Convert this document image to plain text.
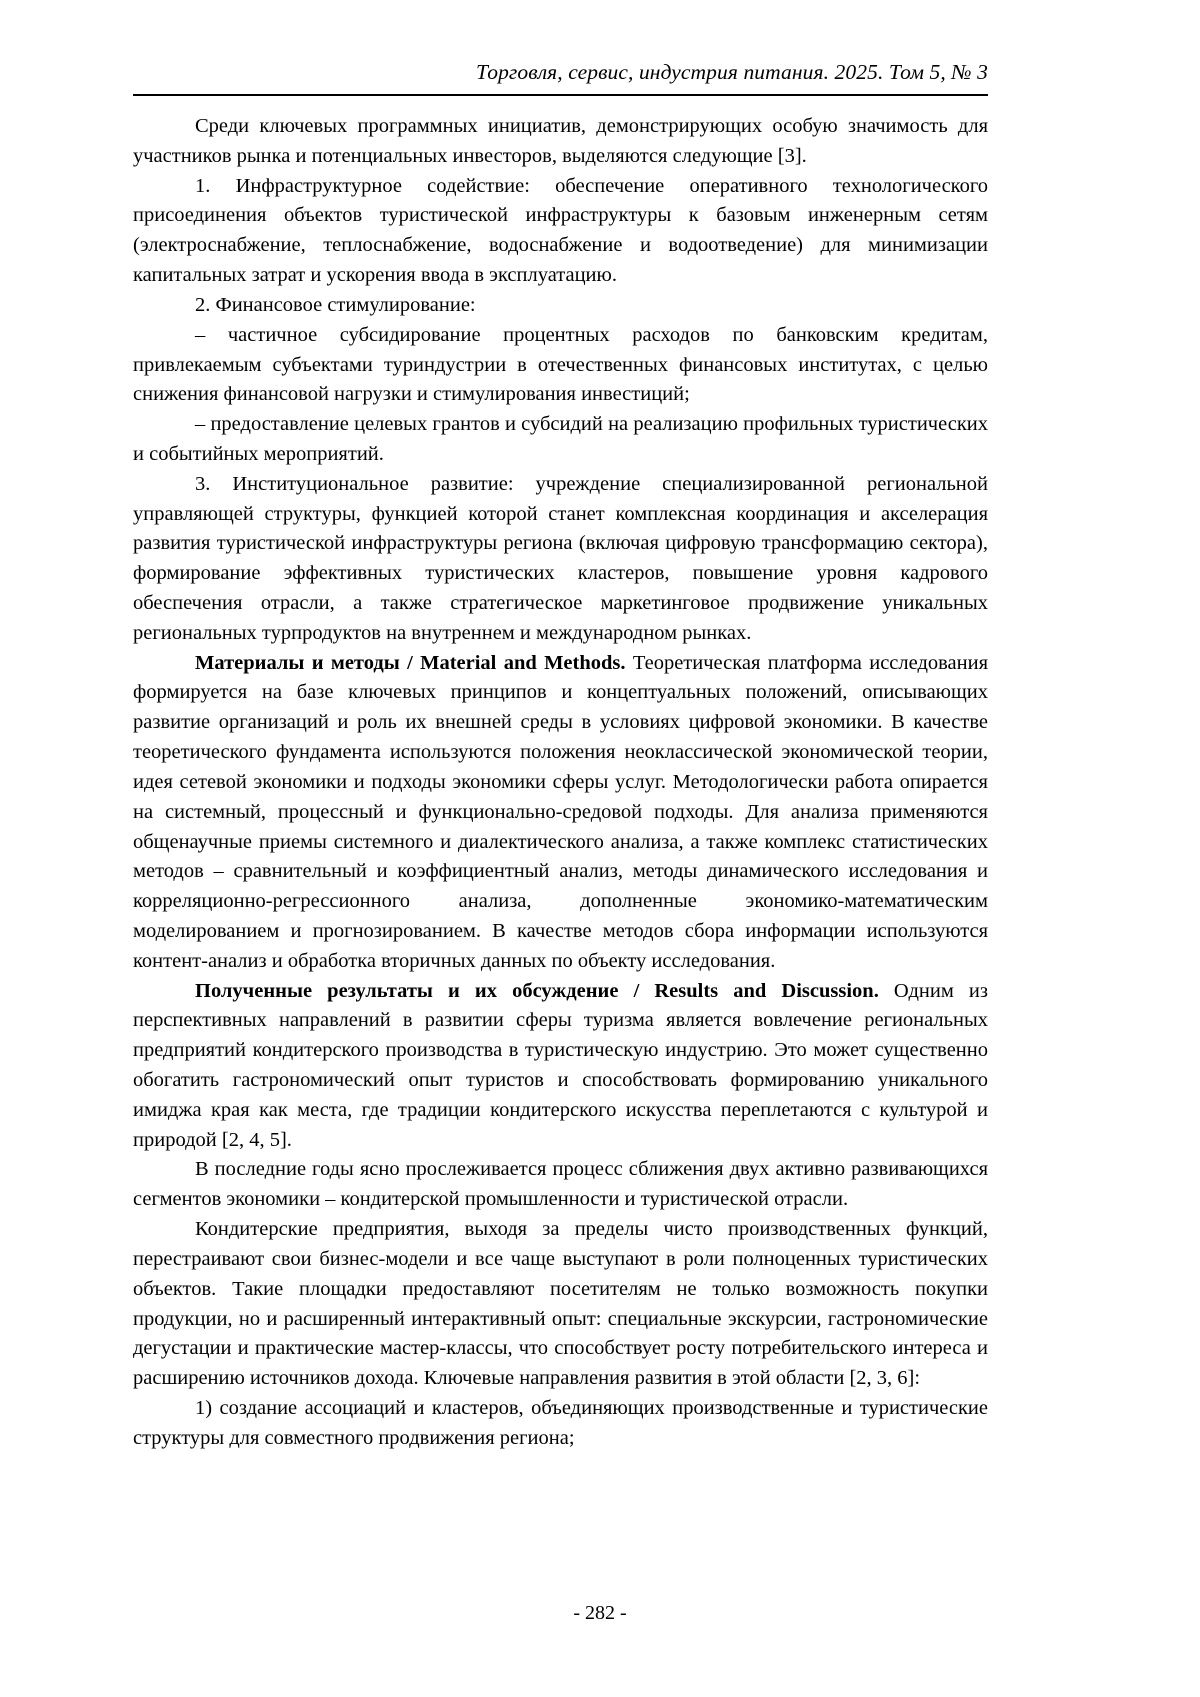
Торговля, сервис, индустрия питания. 2025. Том 5, № 3

Среди ключевых программных инициатив, демонстрирующих особую значимость для участников рынка и потенциальных инвесторов, выделяются следующие [3].

1. Инфраструктурное содействие: обеспечение оперативного технологического присоединения объектов туристической инфраструктуры к базовым инженерным сетям (электроснабжение, теплоснабжение, водоснабжение и водоотведение) для минимизации капитальных затрат и ускорения ввода в эксплуатацию.

2. Финансовое стимулирование:

– частичное субсидирование процентных расходов по банковским кредитам, привлекаемым субъектами туриндустрии в отечественных финансовых институтах, с целью снижения финансовой нагрузки и стимулирования инвестиций;

– предоставление целевых грантов и субсидий на реализацию профильных туристических и событийных мероприятий.

3. Институциональное развитие: учреждение специализированной региональной управляющей структуры, функцией которой станет комплексная координация и акселерация развития туристической инфраструктуры региона (включая цифровую трансформацию сектора), формирование эффективных туристических кластеров, повышение уровня кадрового обеспечения отрасли, а также стратегическое маркетинговое продвижение уникальных региональных турпродуктов на внутреннем и международном рынках.

Материалы и методы / Material and Methods. Теоретическая платформа исследования формируется на базе ключевых принципов и концептуальных положений, описывающих развитие организаций и роль их внешней среды в условиях цифровой экономики. В качестве теоретического фундамента используются положения неоклассической экономической теории, идея сетевой экономики и подходы экономики сферы услуг. Методологически работа опирается на системный, процессный и функционально-средовой подходы. Для анализа применяются общенаучные приемы системного и диалектического анализа, а также комплекс статистических методов – сравнительный и коэффициентный анализ, методы динамического исследования и корреляционно-регрессионного анализа, дополненные экономико-математическим моделированием и прогнозированием. В качестве методов сбора информации используются контент-анализ и обработка вторичных данных по объекту исследования.

Полученные результаты и их обсуждение / Results and Discussion. Одним из перспективных направлений в развитии сферы туризма является вовлечение региональных предприятий кондитерского производства в туристическую индустрию. Это может существенно обогатить гастрономический опыт туристов и способствовать формированию уникального имиджа края как места, где традиции кондитерского искусства переплетаются с культурой и природой [2, 4, 5].

В последние годы ясно прослеживается процесс сближения двух активно развивающихся сегментов экономики – кондитерской промышленности и туристической отрасли.

Кондитерские предприятия, выходя за пределы чисто производственных функций, перестраивают свои бизнес‑модели и все чаще выступают в роли полноценных туристических объектов. Такие площадки предоставляют посетителям не только возможность покупки продукции, но и расширенный интерактивный опыт: специальные экскурсии, гастрономические дегустации и практические мастер-классы, что способствует росту потребительского интереса и расширению источников дохода. Ключевые направления развития в этой области [2, 3, 6]:

1) создание ассоциаций и кластеров, объединяющих производственные и туристические структуры для совместного продвижения региона;

- 282 -
